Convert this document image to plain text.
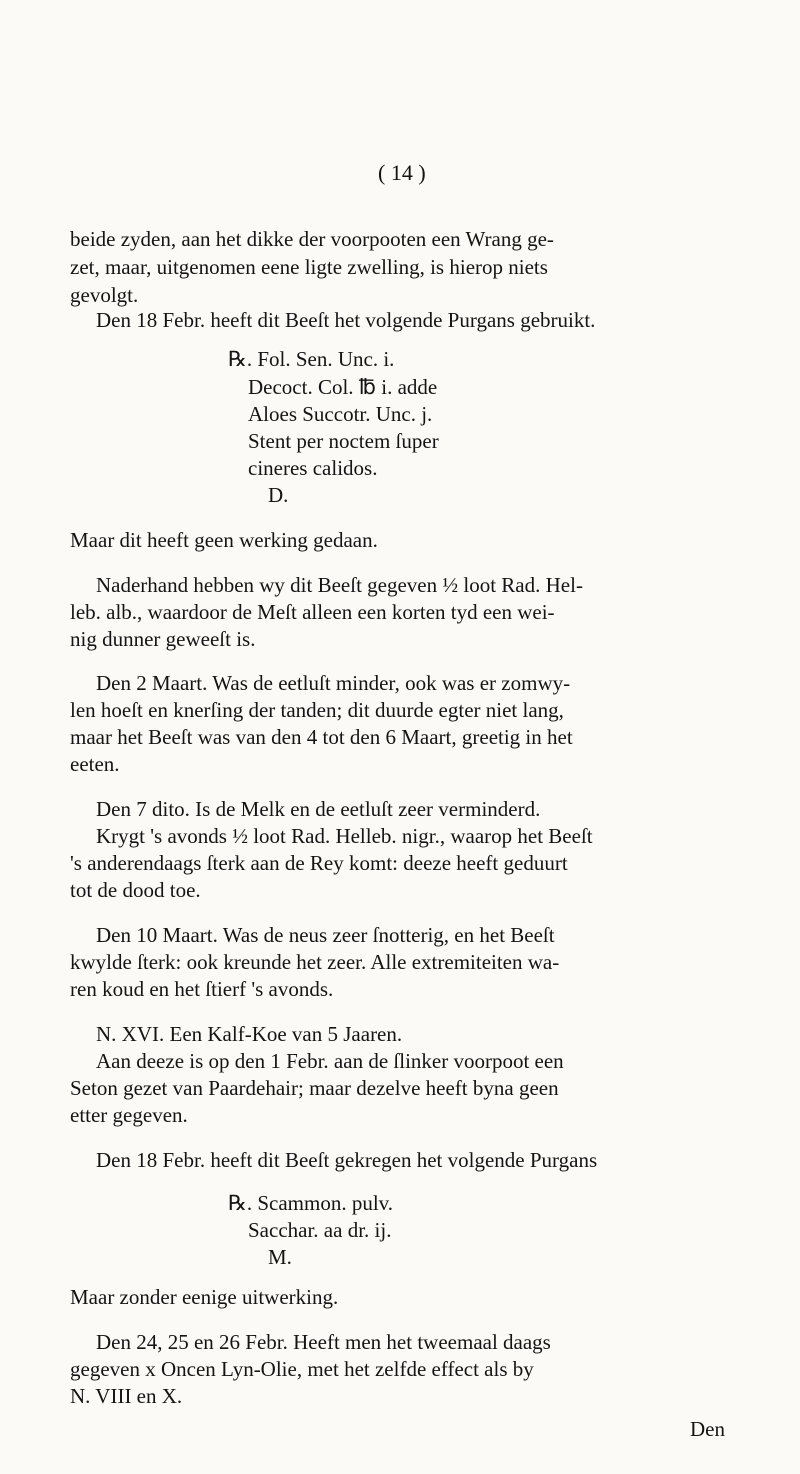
( 14 )
beide zyden, aan het dikke der voorpooten een Wrang ge-
zet, maar, uitgenomen eene ligte zwelling, is hierop niets
gevolgt.
Den 18 Febr. heeft dit Beeſt het volgende Purgans gebruikt.
℞. Fol. Sen. Unc. i.
Decoct. Col. ℔ i. adde
Aloes Succotr. Unc. j.
Stent per noctem ſuper
cineres calidos.
D.
Maar dit heeft geen werking gedaan.
Naderhand hebben wy dit Beeſt gegeven ½ loot Rad. Hel-
leb. alb., waardoor de Meſt alleen een korten tyd een wei-
nig dunner geweeſt is.
Den 2 Maart. Was de eetluſt minder, ook was er zomwy-
len hoeſt en knerſing der tanden; dit duurde egter niet lang,
maar het Beeſt was van den 4 tot den 6 Maart, greetig in het
eeten.
Den 7 dito. Is de Melk en de eetluſt zeer verminderd.
Krygt 's avonds ½ loot Rad. Helleb. nigr., waarop het Beeſt
's anderendaags ſterk aan de Rey komt: deeze heeft geduurt
tot de dood toe.
Den 10 Maart. Was de neus zeer ſnotterig, en het Beeſt
kwylde ſterk: ook kreunde het zeer. Alle extremiteiten wa-
ren koud en het ſtierf 's avonds.
N. XVI. Een Kalf-Koe van 5 Jaaren.
Aan deeze is op den 1 Febr. aan de ſlinker voorpoot een
Seton gezet van Paardehair; maar dezelve heeft byna geen
etter gegeven.
Den 18 Febr. heeft dit Beeſt gekregen het volgende Purgans
℞. Scammon. pulv.
Sacchar. aa dr. ij.
M.
Maar zonder eenige uitwerking.
Den 24, 25 en 26 Febr. Heeft men het tweemaal daags
gegeven x Oncen Lyn-Olie, met het zelfde effect als by
N. VIII en X.
Den
